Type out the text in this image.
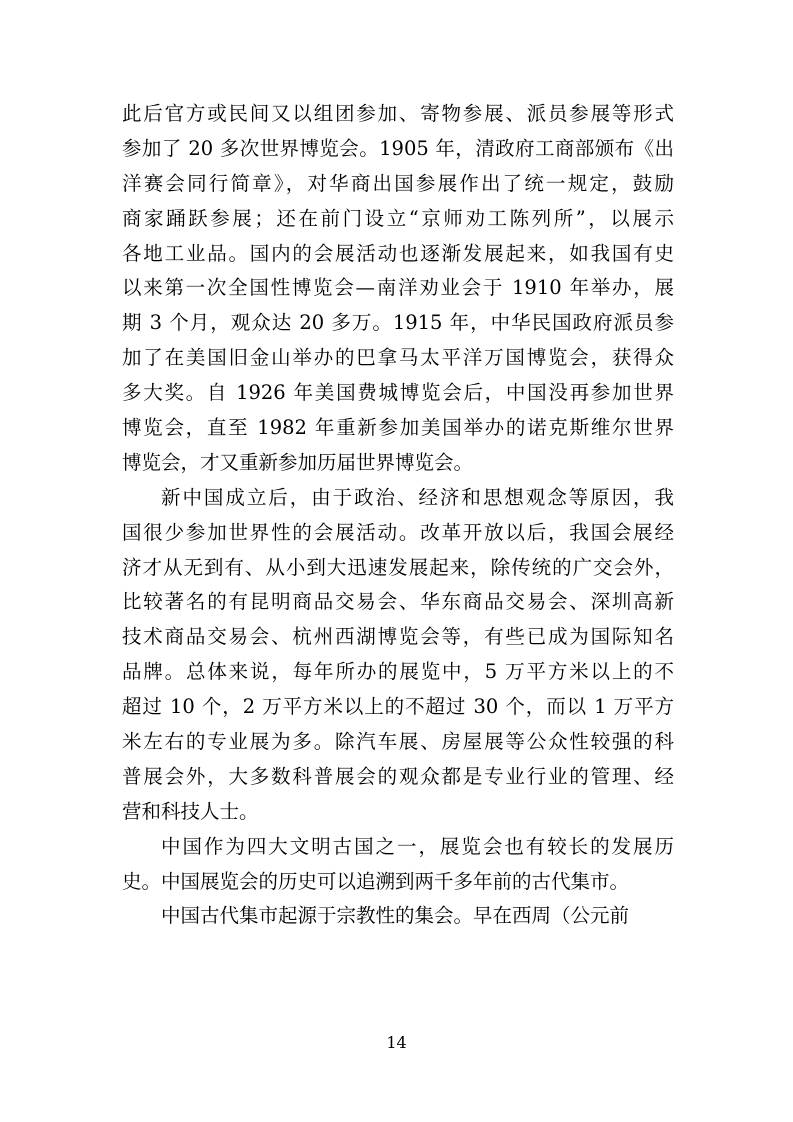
此后官方或民间又以组团参加、寄物参展、派员参展等形式
参加了 20 多次世界博览会。1905 年，清政府工商部颁布《出
洋赛会同行简章》，对华商出国参展作出了统一规定，鼓励
商家踊跃参展；还在前门设立“京师劝工陈列所”，以展示
各地工业品。国内的会展活动也逐渐发展起来，如我国有史
以来第一次全国性博览会—南洋劝业会于 1910 年举办，展
期 3 个月，观众达 20 多万。1915 年，中华民国政府派员参
加了在美国旧金山举办的巴拿马太平洋万国博览会，获得众
多大奖。自 1926 年美国费城博览会后，中国没再参加世界
博览会，直至 1982 年重新参加美国举办的诺克斯维尔世界
博览会，才又重新参加历届世界博览会。
新中国成立后，由于政治、经济和思想观念等原因，我
国很少参加世界性的会展活动。改革开放以后，我国会展经
济才从无到有、从小到大迅速发展起来，除传统的广交会外，
比较著名的有昆明商品交易会、华东商品交易会、深圳高新
技术商品交易会、杭州西湖博览会等，有些已成为国际知名
品牌。总体来说，每年所办的展览中，5 万平方米以上的不
超过 10 个，2 万平方米以上的不超过 30 个，而以 1 万平方
米左右的专业展为多。除汽车展、房屋展等公众性较强的科
普展会外，大多数科普展会的观众都是专业行业的管理、经
营和科技人士。
中国作为四大文明古国之一，展览会也有较长的发展历
史。中国展览会的历史可以追溯到两千多年前的古代集市。
中国古代集市起源于宗教性的集会。早在西周（公元前
14
